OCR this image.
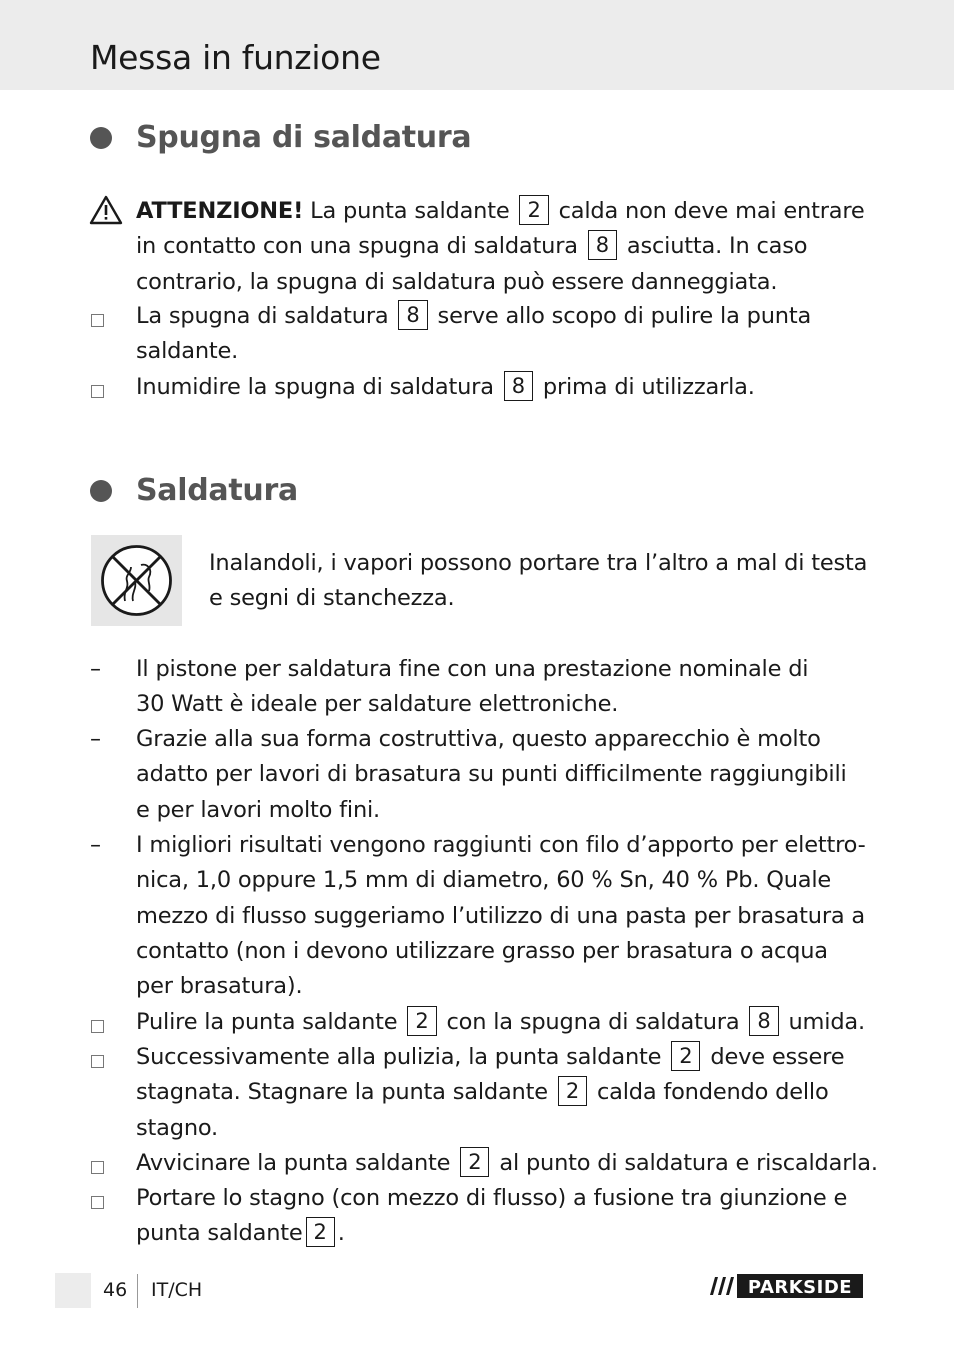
Messa in funzione
Spugna di saldatura
ATTENZIONE! La punta saldante 2 calda non deve mai entrare
in contatto con una spugna di saldatura 8 asciutta. In caso
contrario, la spugna di saldatura può essere danneggiata.
La spugna di saldatura 8 serve allo scopo di pulire la punta
saldante.
Inumidire la spugna di saldatura 8 prima di utilizzarla.
Saldatura
Inalandoli, i vapori possono portare tra l’altro a mal di testa
e segni di stanchezza.
–	Il pistone per saldatura fine con una prestazione nominale di
30 Watt è ideale per saldature elettroniche.
–	Grazie alla sua forma costruttiva, questo apparecchio è molto
adatto per lavori di brasatura su punti difficilmente raggiungibili
e per lavori molto fini.
–	I migliori risultati vengono raggiunti con filo d’apporto per elettro-
nica, 1,0 oppure 1,5 mm di diametro, 60 % Sn, 40 % Pb. Quale
mezzo di flusso suggeriamo l’utilizzo di una pasta per brasatura a
contatto (non i devono utilizzare grasso per brasatura o acqua
per brasatura).
Pulire la punta saldante 2 con la spugna di saldatura 8 umida.
Successivamente alla pulizia, la punta saldante 2 deve essere
stagnata. Stagnare la punta saldante 2 calda fondendo dello
stagno.
Avvicinare la punta saldante 2 al punto di saldatura e riscaldarla.
Portare lo stagno (con mezzo di flusso) a fusione tra giunzione e
punta saldante 2 .
46 IT/CH	PARKSIDE
